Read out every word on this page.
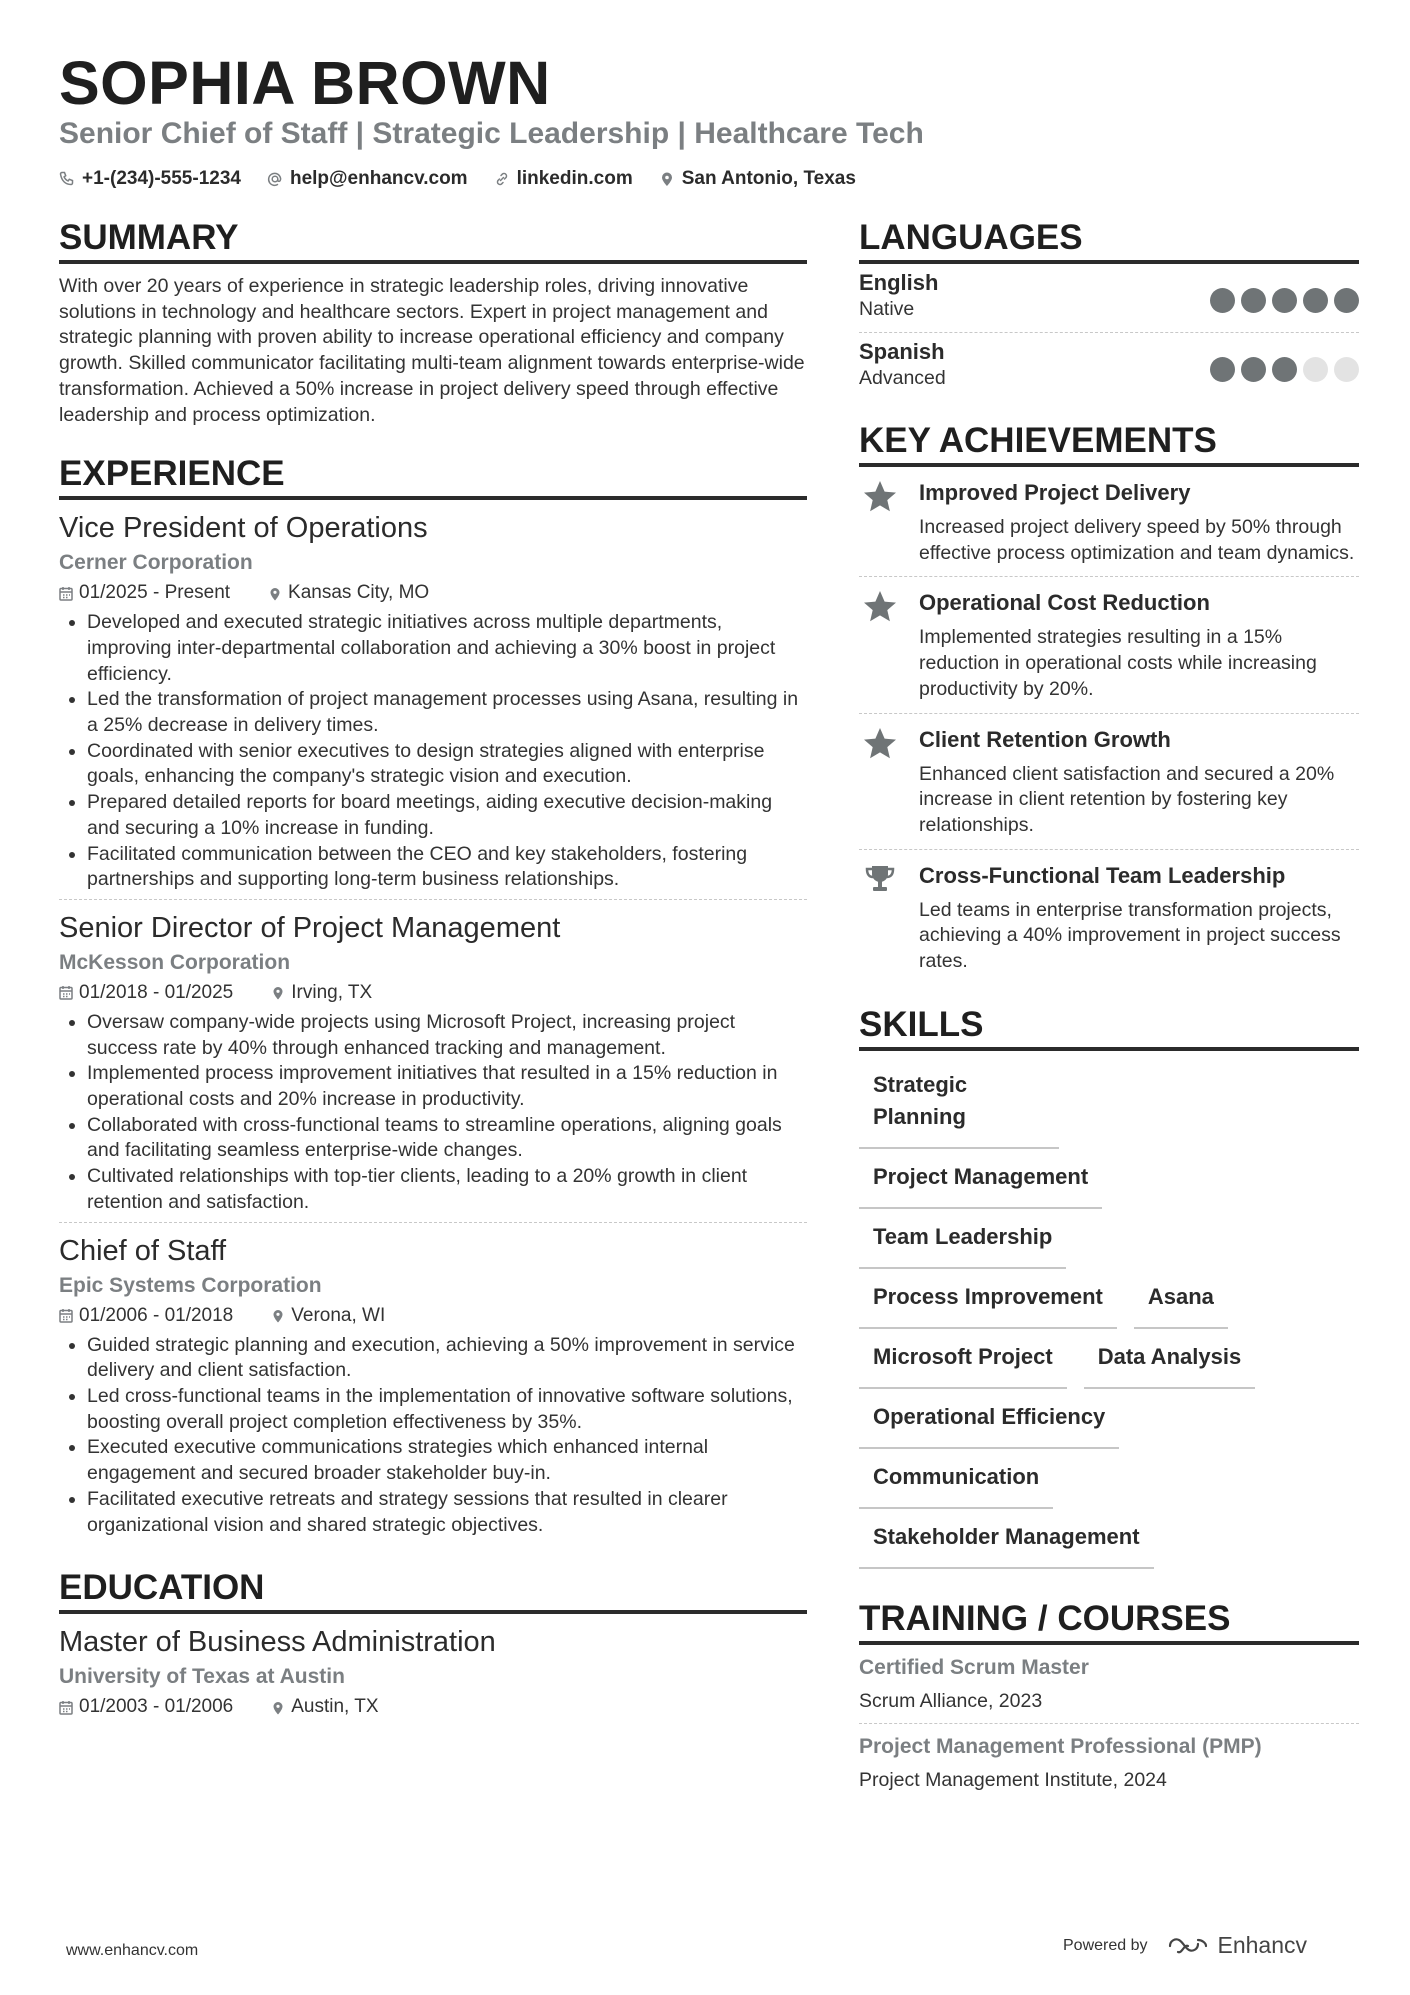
SOPHIA BROWN
Senior Chief of Staff | Strategic Leadership | Healthcare Tech
+1-(234)-555-1234	help@enhancv.com	linkedin.com	San Antonio, Texas
SUMMARY

With over 20 years of experience in strategic leadership roles, driving innovative solutions in technology and healthcare sectors. Expert in project management and strategic planning with proven ability to increase operational efficiency and company growth. Skilled communicator facilitating multi-team alignment towards enterprise-wide transformation. Achieved a 50% increase in project delivery speed through effective leadership and process optimization.

EXPERIENCE
Vice President of Operations
Cerner Corporation
01/2025 - Present	Kansas City, MO
• Developed and executed strategic initiatives across multiple departments, improving inter-departmental collaboration and achieving a 30% boost in project efficiency.
• Led the transformation of project management processes using Asana, resulting in a 25% decrease in delivery times.
• Coordinated with senior executives to design strategies aligned with enterprise goals, enhancing the company's strategic vision and execution.
• Prepared detailed reports for board meetings, aiding executive decision-making and securing a 10% increase in funding.
• Facilitated communication between the CEO and key stakeholders, fostering partnerships and supporting long-term business relationships.
Senior Director of Project Management
McKesson Corporation
01/2018 - 01/2025	Irving, TX
• Oversaw company-wide projects using Microsoft Project, increasing project success rate by 40% through enhanced tracking and management.
• Implemented process improvement initiatives that resulted in a 15% reduction in operational costs and 20% increase in productivity.
• Collaborated with cross-functional teams to streamline operations, aligning goals and facilitating seamless enterprise-wide changes.
• Cultivated relationships with top-tier clients, leading to a 20% growth in client retention and satisfaction.
Chief of Staff
Epic Systems Corporation
01/2006 - 01/2018	Verona, WI
• Guided strategic planning and execution, achieving a 50% improvement in service delivery and client satisfaction.
• Led cross-functional teams in the implementation of innovative software solutions, boosting overall project completion effectiveness by 35%.
• Executed executive communications strategies which enhanced internal engagement and secured broader stakeholder buy-in.
• Facilitated executive retreats and strategy sessions that resulted in clearer organizational vision and shared strategic objectives.
EDUCATION
Master of Business Administration
University of Texas at Austin
01/2003 - 01/2006	Austin, TX
LANGUAGES
English
Native
Spanish
Advanced
KEY ACHIEVEMENTS
Improved Project Delivery
Increased project delivery speed by 50% through effective process optimization and team dynamics.
Operational Cost Reduction
Implemented strategies resulting in a 15% reduction in operational costs while increasing productivity by 20%.
Client Retention Growth
Enhanced client satisfaction and secured a 20% increase in client retention by fostering key relationships.
Cross-Functional Team Leadership
Led teams in enterprise transformation projects, achieving a 40% improvement in project success rates.
SKILLS
Strategic Planning
Project Management
Team Leadership
Process Improvement	Asana
Microsoft Project	Data Analysis
Operational Efficiency
Communication
Stakeholder Management
TRAINING / COURSES
Certified Scrum Master
Scrum Alliance, 2023
Project Management Professional (PMP)
Project Management Institute, 2024
www.enhancv.com	Powered by	Enhancv
